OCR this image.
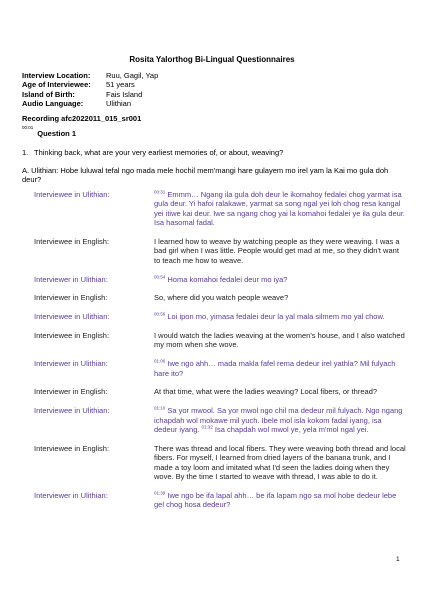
Rosita Yalorthog Bi-Lingual Questionnaires
Interview Location:	Ruu, Gagil, Yap
Age of Interviewee:	51 years
Island of Birth:	Fais Island
Audio Language:	Ulithian
Recording afc2022011_015_sr001
00:01
Question 1
1. Thinking back, what are your very earliest memories of, or about, weaving?
A. Ulithian: Hobe luluwal tefal ngo mada mele hochil mem'mangi hare gulayem mo irel yam la Kai mo gula doh deur?
Interviewee in Ulithian:	$^{00:31}$ Emmm… Ngang ila gula doh deur le ikomahoy fedalei chog yarmat isa gula deur. Yi hafoi ralakawe, yarmat sa song ngal yei loh chog resa kangal yei itiwe kai deur. Iwe sa ngang chog yai la komahoi fedalei ye ila gula deur. Isa hasomal fadal.
Interviewee in English:	I learned how to weave by watching people as they were weaving. I was a bad girl when I was little. People would get mad at me, so they didn't want to teach me how to weave.
Interviewer in Ulithian:	$^{00:54}$ Homa komahoi fedalei deur mo iya?
Interviewer in English:	So, where did you watch people weave?
Interviewee in Ulithian:	$^{00:56}$ Loi ipon mo, yimasa fedalei deur la yal mala silmem mo yal chow.
Interviewee in English:	I would watch the ladies weaving at the women's house, and I also watched my mom when she wove.
Interviewer in Ulithian:	$^{01:06}$ Iwe ngo ahh… mada makla fafel rema dedeur irel yathla? Mil fulyach hare ito?
Interviewer in English:	At that time, what were the ladies weaving? Local fibers, or thread?
Interviewee in Ulithian:	$^{01:10}$ Sa yor mwool. Sa yor mwol ngo chil ma dedeur mil fulyach. Ngo ngang ichapdah wol mokawe mil yuch. Ibele mol isla kokom fadal iyang, isa dedeur iyang. $^{01:32}$ Isa chapdah wol mwol ye, yela m'mol ngal yei.
Interviewee in English:	There was thread and local fibers. They were weaving both thread and local fibers. For myself, I learned from dried layers of the banana trunk, and I made a toy loom and imitated what I'd seen the ladies doing when they wove. By the time I started to weave with thread, I was able to do it.
Interviewer in Ulithian:	$^{01:39}$ Iwe ngo be ifa lapal ahh… be ifa lapam ngo sa mol hobe dedeur lebe gel chog hosa dedeur?
1
